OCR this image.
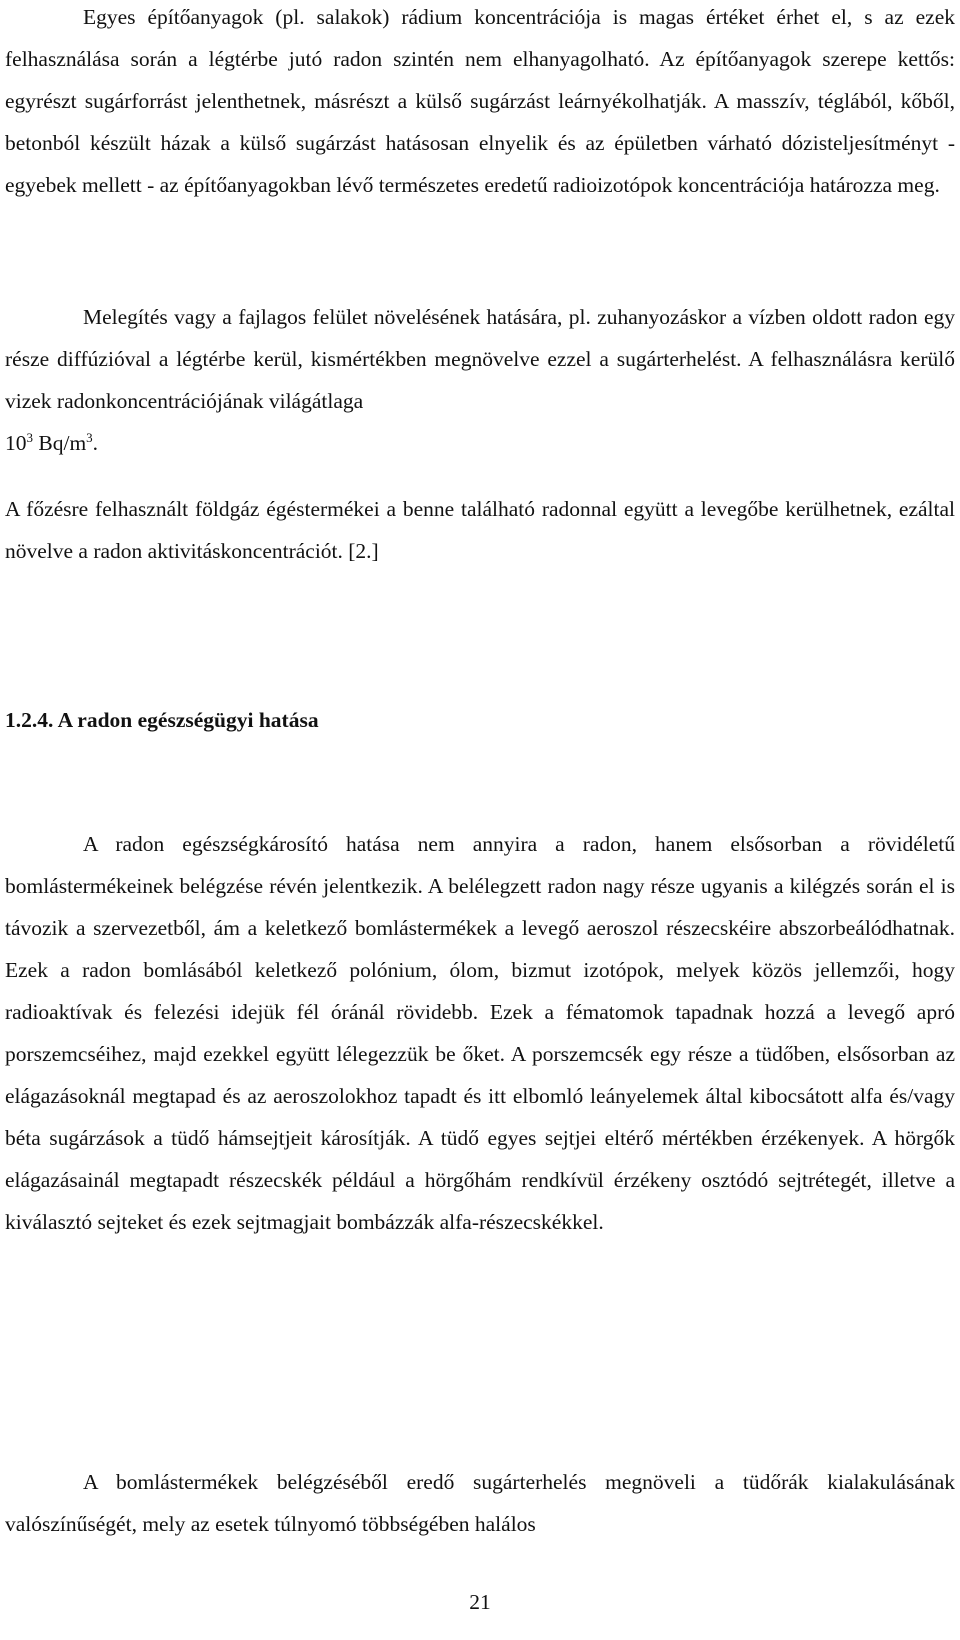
Egyes építőanyagok (pl. salakok) rádium koncentrációja is magas értéket érhet el, s az ezek felhasználása során a légtérbe jutó radon szintén nem elhanyagolható. Az építőanyagok szerepe kettős: egyrészt sugárforrást jelenthetnek, másrészt a külső sugárzást leárnyékolhatják. A masszív, téglából, kőből, betonból készült házak a külső sugárzást hatásosan elnyelik és az épületben várható dózisteljesítményt - egyebek mellett - az építőanyagokban lévő természetes eredetű radioizotópok koncentrációja határozza meg.

Melegítés vagy a fajlagos felület növelésének hatására, pl. zuhanyozáskor a vízben oldott radon egy része diffúzióval a légtérbe kerül, kismértékben megnövelve ezzel a sugárterhelést. A felhasználásra kerülő vizek radonkoncentrációjának világátlaga
$10^3$ $Bq/m^3$.

A főzésre felhasznált földgáz égéstermékei a benne található radonnal együtt a levegőbe kerülhetnek, ezáltal növelve a radon aktivitáskoncentrációt. [2.]

1.2.4. A radon egészségügyi hatása

A radon egészségkárosító hatása nem annyira a radon, hanem elsősorban a rövidéletű bomlástermékeinek belégzése révén jelentkezik. A belélegzett radon nagy része ugyanis a kilégzés során el is távozik a szervezetből, ám a keletkező bomlástermékek a levegő aeroszol részecskéire abszorbeálódhatnak. Ezek a radon bomlásából keletkező polónium, ólom, bizmut izotópok, melyek közös jellemzői, hogy radioaktívak és felezési idejük fél óránál rövidebb. Ezek a fématomok tapadnak hozzá a levegő apró porszemcséihez, majd ezekkel együtt lélegezzük be őket. A porszemcsék egy része a tüdőben, elsősorban az elágazásoknál megtapad és az aeroszolokhoz tapadt és itt elbomló leányelemek által kibocsátott alfa és/vagy béta sugárzások a tüdő hámsejtjeit károsítják. A tüdő egyes sejtjei eltérő mértékben érzékenyek. A hörgők elágazásainál megtapadt részecskék például a hörgőhám rendkívül érzékeny osztódó sejtrétegét, illetve a kiválasztó sejteket és ezek sejtmagjait bombázzák alfa-részecskékkel.

A bomlástermékek belégzéséből eredő sugárterhelés megnöveli a tüdőrák kialakulásának valószínűségét, mely az esetek túlnyomó többségében halálos

21
